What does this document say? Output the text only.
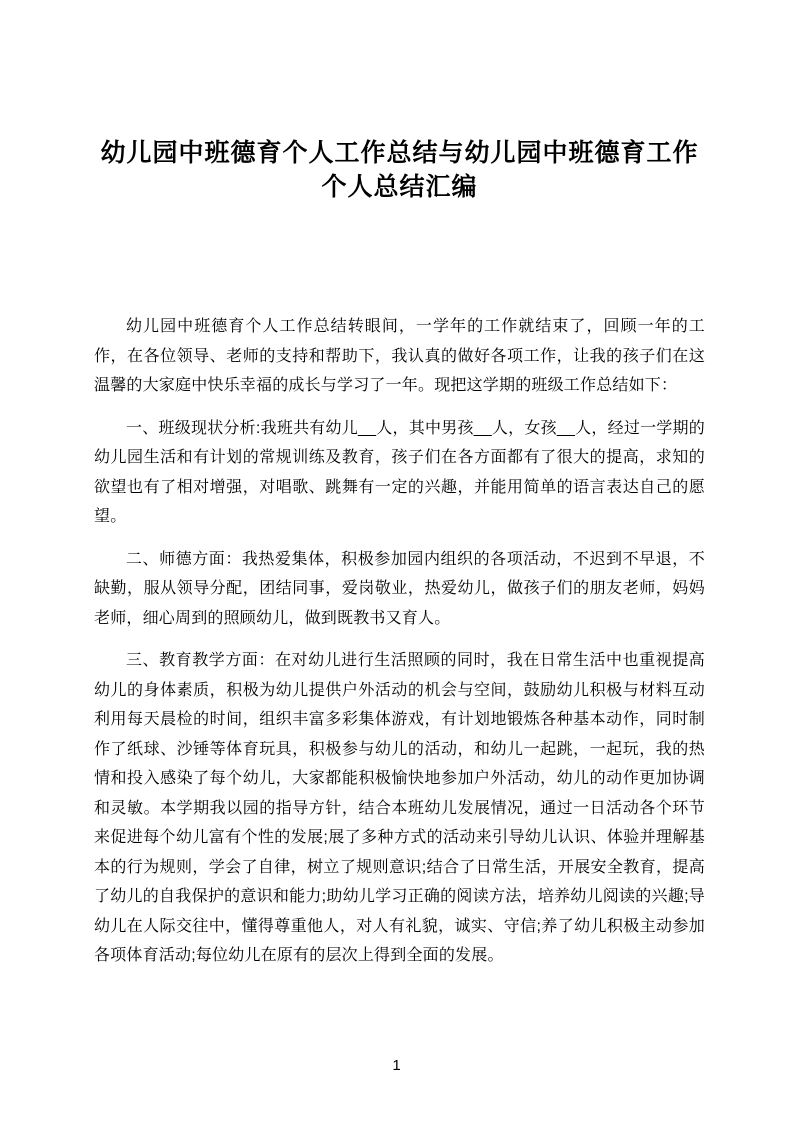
幼儿园中班德育个人工作总结与幼儿园中班德育工作个人总结汇编

幼儿园中班德育个人工作总结转眼间，一学年的工作就结束了，回顾一年的工作，在各位领导、老师的支持和帮助下，我认真的做好各项工作，让我的孩子们在这温馨的大家庭中快乐幸福的成长与学习了一年。现把这学期的班级工作总结如下：

一、班级现状分析:我班共有幼儿__人，其中男孩__人，女孩__人，经过一学期的幼儿园生活和有计划的常规训练及教育，孩子们在各方面都有了很大的提高，求知的欲望也有了相对增强，对唱歌、跳舞有一定的兴趣，并能用简单的语言表达自己的愿望。

二、师德方面：我热爱集体，积极参加园内组织的各项活动，不迟到不早退，不缺勤，服从领导分配，团结同事，爱岗敬业，热爱幼儿，做孩子们的朋友老师，妈妈老师，细心周到的照顾幼儿，做到既教书又育人。

三、教育教学方面：在对幼儿进行生活照顾的同时，我在日常生活中也重视提高幼儿的身体素质，积极为幼儿提供户外活动的机会与空间，鼓励幼儿积极与材料互动利用每天晨检的时间，组织丰富多彩集体游戏，有计划地锻炼各种基本动作，同时制作了纸球、沙锤等体育玩具，积极参与幼儿的活动，和幼儿一起跳，一起玩，我的热情和投入感染了每个幼儿，大家都能积极愉快地参加户外活动，幼儿的动作更加协调和灵敏。本学期我以园的指导方针，结合本班幼儿发展情况，通过一日活动各个环节来促进每个幼儿富有个性的发展;展了多种方式的活动来引导幼儿认识、体验并理解基本的行为规则，学会了自律，树立了规则意识;结合了日常生活，开展安全教育，提高了幼儿的自我保护的意识和能力;助幼儿学习正确的阅读方法，培养幼儿阅读的兴趣;导幼儿在人际交往中，懂得尊重他人，对人有礼貌，诚实、守信;养了幼儿积极主动参加各项体育活动;每位幼儿在原有的层次上得到全面的发展。

1
